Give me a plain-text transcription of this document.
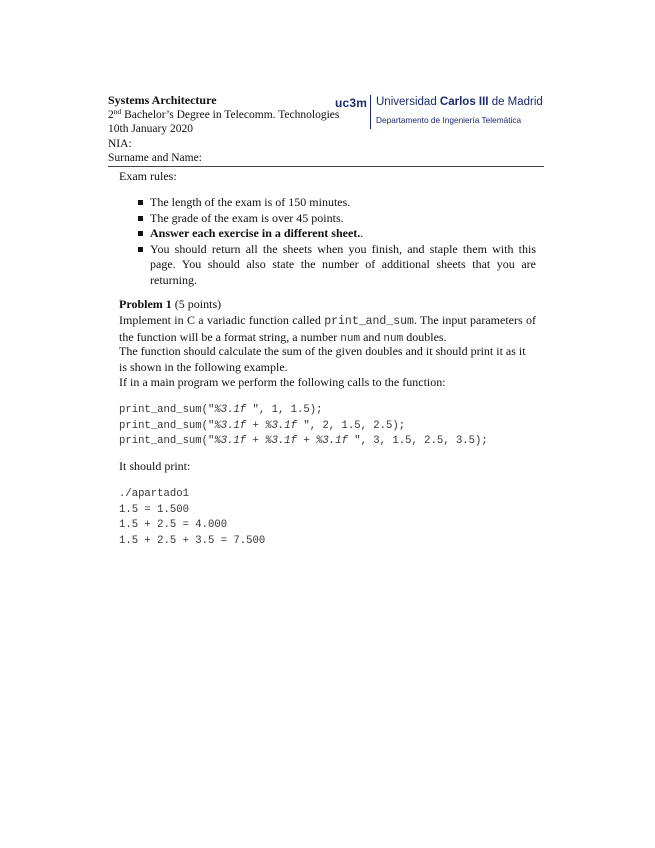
Systems Architecture
2nd Bachelor’s Degree in Telecomm. Technologies
10th January 2020
NIA:
Surname and Name:
uc3m Universidad Carlos III de Madrid
Departamento de Ingeniería Telemática
Exam rules:
The length of the exam is of 150 minutes.
The grade of the exam is over 45 points.
Answer each exercise in a different sheet..
You should return all the sheets when you finish, and staple them with this page. You should also state the number of additional sheets that you are returning.
Problem 1 (5 points)

Implement in C a variadic function called print_and_sum. The input parameters of the function will be a format string, a number num and num doubles.

The function should calculate the sum of the given doubles and it should print it as it is shown in the following example.

If in a main program we perform the following calls to the function:

print_and_sum("%3.1f ", 1, 1.5);
print_and_sum("%3.1f + %3.1f ", 2, 1.5, 2.5);
print_and_sum("%3.1f + %3.1f + %3.1f ", 3, 1.5, 2.5, 3.5);
It should print:
./apartado1
1.5 = 1.500
1.5 + 2.5 = 4.000
1.5 + 2.5 + 3.5 = 7.500
